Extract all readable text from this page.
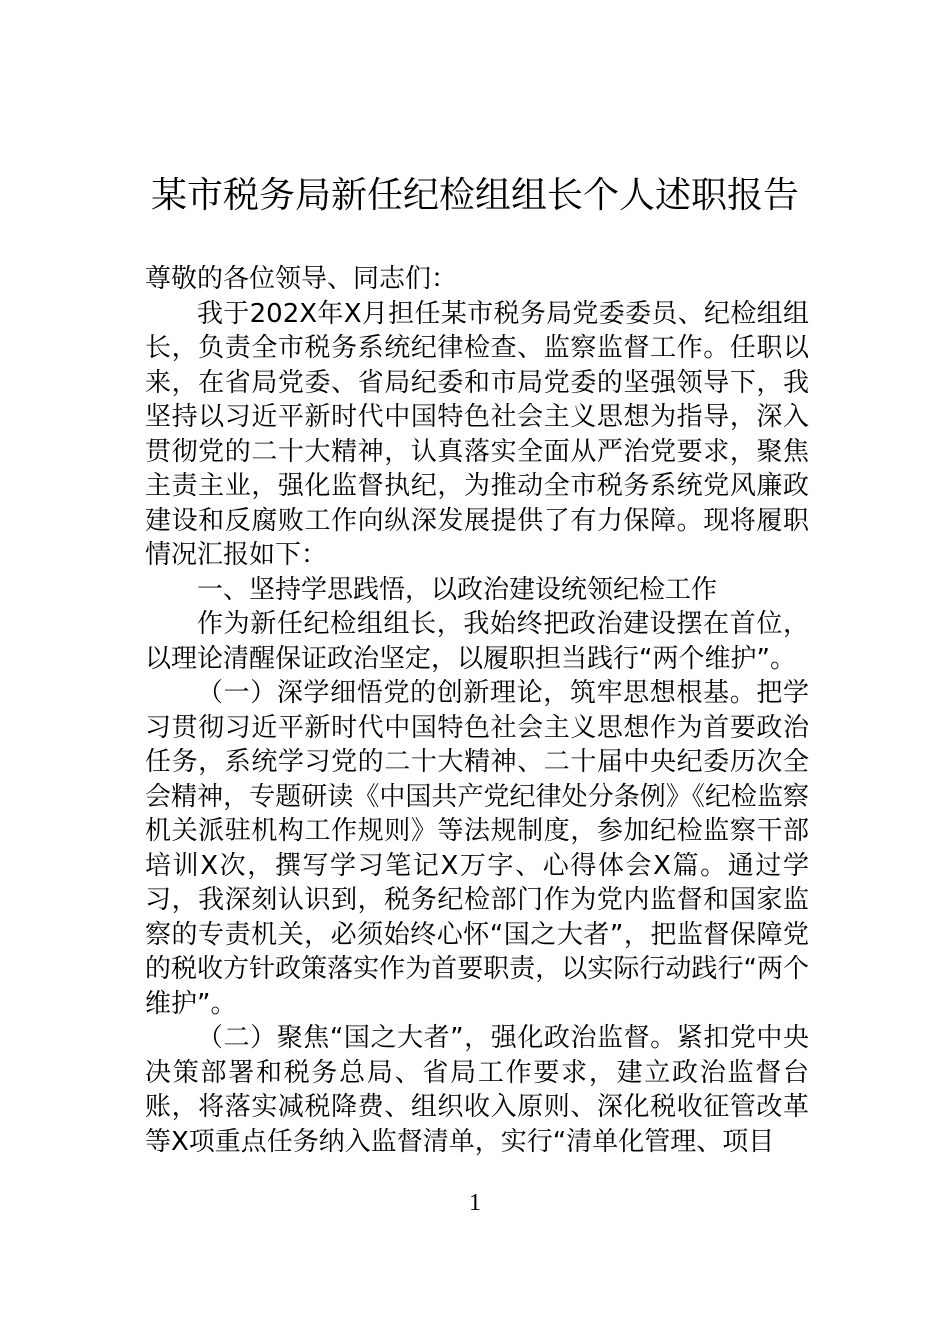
某市税务局新任纪检组组长个人述职报告

尊敬的各位领导、同志们：

我于202X年X月担任某市税务局党委委员、纪检组组长，负责全市税务系统纪律检查、监察监督工作。任职以来，在省局党委、省局纪委和市局党委的坚强领导下，我坚持以习近平新时代中国特色社会主义思想为指导，深入贯彻党的二十大精神，认真落实全面从严治党要求，聚焦主责主业，强化监督执纪，为推动全市税务系统党风廉政建设和反腐败工作向纵深发展提供了有力保障。现将履职情况汇报如下：

一、坚持学思践悟，以政治建设统领纪检工作

作为新任纪检组组长，我始终把政治建设摆在首位，以理论清醒保证政治坚定，以履职担当践行“两个维护”。

（一）深学细悟党的创新理论，筑牢思想根基。把学习贯彻习近平新时代中国特色社会主义思想作为首要政治任务，系统学习党的二十大精神、二十届中央纪委历次全会精神，专题研读《中国共产党纪律处分条例》《纪检监察机关派驻机构工作规则》等法规制度，参加纪检监察干部培训X次，撰写学习笔记X万字、心得体会X篇。通过学习，我深刻认识到，税务纪检部门作为党内监督和国家监察的专责机关，必须始终心怀“国之大者”，把监督保障党的税收方针政策落实作为首要职责，以实际行动践行“两个维护”。

（二）聚焦“国之大者”，强化政治监督。紧扣党中央决策部署和税务总局、省局工作要求，建立政治监督台账，将落实减税降费、组织收入原则、深化税收征管改革等X项重点任务纳入监督清单，实行“清单化管理、项目

1
